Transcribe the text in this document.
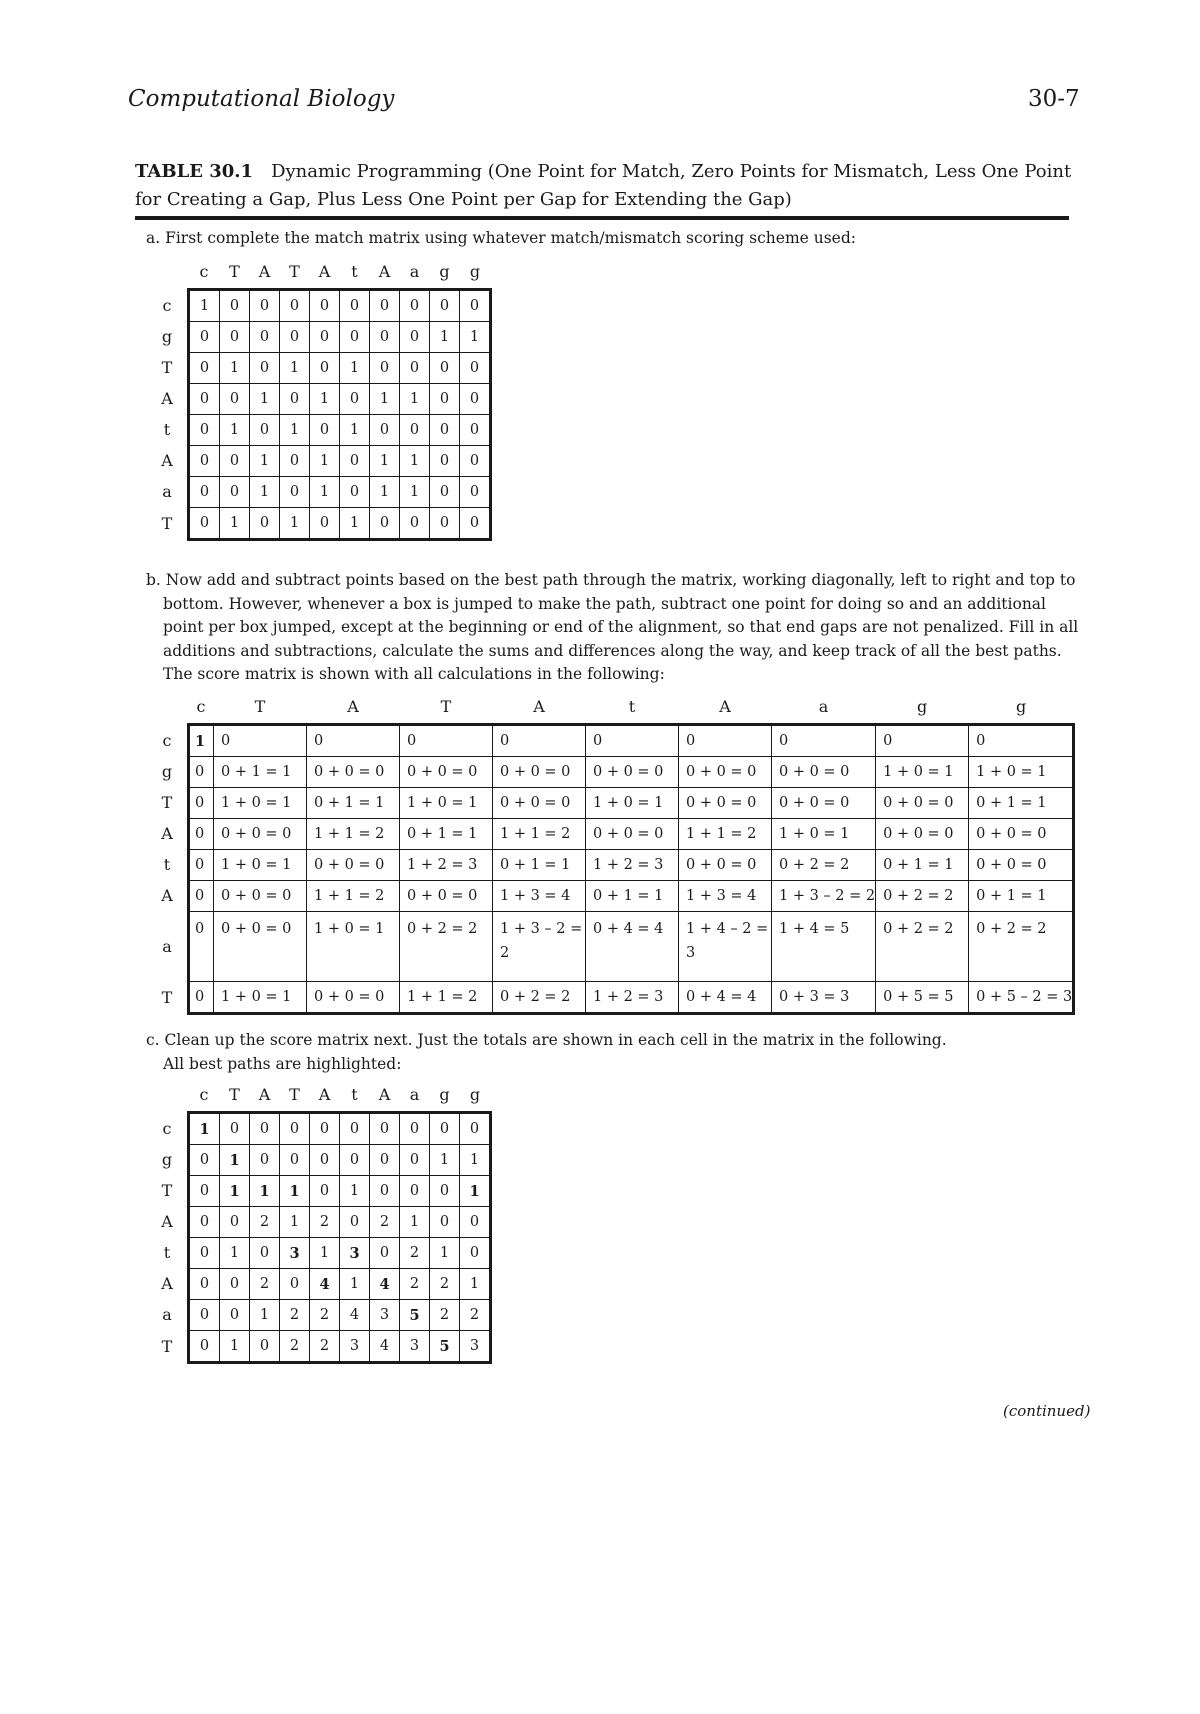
Computational Biology	30-7
TABLE 30.1 Dynamic Programming (One Point for Match, Zero Points for Mismatch, Less One Point for Creating a Gap, Plus Less One Point per Gap for Extending the Gap)
a. First complete the match matrix using whatever match/mismatch scoring scheme used:
c	T	A	T	A	t	A	a	g	g
c
g
T
A
t
A
a
T
1	0	0	0	0	0	0	0	0	0
0	0	0	0	0	0	0	0	1	1
0	1	0	1	0	1	0	0	0	0
0	0	1	0	1	0	1	1	0	0
0	1	0	1	0	1	0	0	0	0
0	0	1	0	1	0	1	1	0	0
0	0	1	0	1	0	1	1	0	0
0	1	0	1	0	1	0	0	0	0
b. Now add and subtract points based on the best path through the matrix, working diagonally, left to right and top to bottom. However, whenever a box is jumped to make the path, subtract one point for doing so and an additional point per box jumped, except at the beginning or end of the alignment, so that end gaps are not penalized. Fill in all additions and subtractions, calculate the sums and differences along the way, and keep track of all the best paths. The score matrix is shown with all calculations in the following:
c	T	A	T	A	t	A	a	g	g
c
g
T
A
t
A
a
T
1	0	0	0	0	0	0	0	0	0
0	0 + 1 = 1	0 + 0 = 0	0 + 0 = 0	0 + 0 = 0	0 + 0 = 0	0 + 0 = 0	0 + 0 = 0	1 + 0 = 1	1 + 0 = 1
0	1 + 0 = 1	0 + 1 = 1	1 + 0 = 1	0 + 0 = 0	1 + 0 = 1	0 + 0 = 0	0 + 0 = 0	0 + 0 = 0	0 + 1 = 1
0	0 + 0 = 0	1 + 1 = 2	0 + 1 = 1	1 + 1 = 2	0 + 0 = 0	1 + 1 = 2	1 + 0 = 1	0 + 0 = 0	0 + 0 = 0
0	1 + 0 = 1	0 + 0 = 0	1 + 2 = 3	0 + 1 = 1	1 + 2 = 3	0 + 0 = 0	0 + 2 = 2	0 + 1 = 1	0 + 0 = 0
0	0 + 0 = 0	1 + 1 = 2	0 + 0 = 0	1 + 3 = 4	0 + 1 = 1	1 + 3 = 4	1 + 3 – 2 = 2	0 + 2 = 2	0 + 1 = 1
0	0 + 0 = 0	1 + 0 = 1	0 + 2 = 2	1 + 3 – 2 = 2	0 + 4 = 4	1 + 4 – 2 = 3	1 + 4 = 5	0 + 2 = 2	0 + 2 = 2
0	1 + 0 = 1	0 + 0 = 0	1 + 1 = 2	0 + 2 = 2	1 + 2 = 3	0 + 4 = 4	0 + 3 = 3	0 + 5 = 5	0 + 5 – 2 = 3
c. Clean up the score matrix next. Just the totals are shown in each cell in the matrix in the following.
All best paths are highlighted:
c	T	A	T	A	t	A	a	g	g
c
g
T
A
t
A
a
T
1	0	0	0	0	0	0	0	0	0
0	1	0	0	0	0	0	0	1	1
0	1	1	1	0	1	0	0	0	1
0	0	2	1	2	0	2	1	0	0
0	1	0	3	1	3	0	2	1	0
0	0	2	0	4	1	4	2	2	1
0	0	1	2	2	4	3	5	2	2
0	1	0	2	2	3	4	3	5	3
(continued)
